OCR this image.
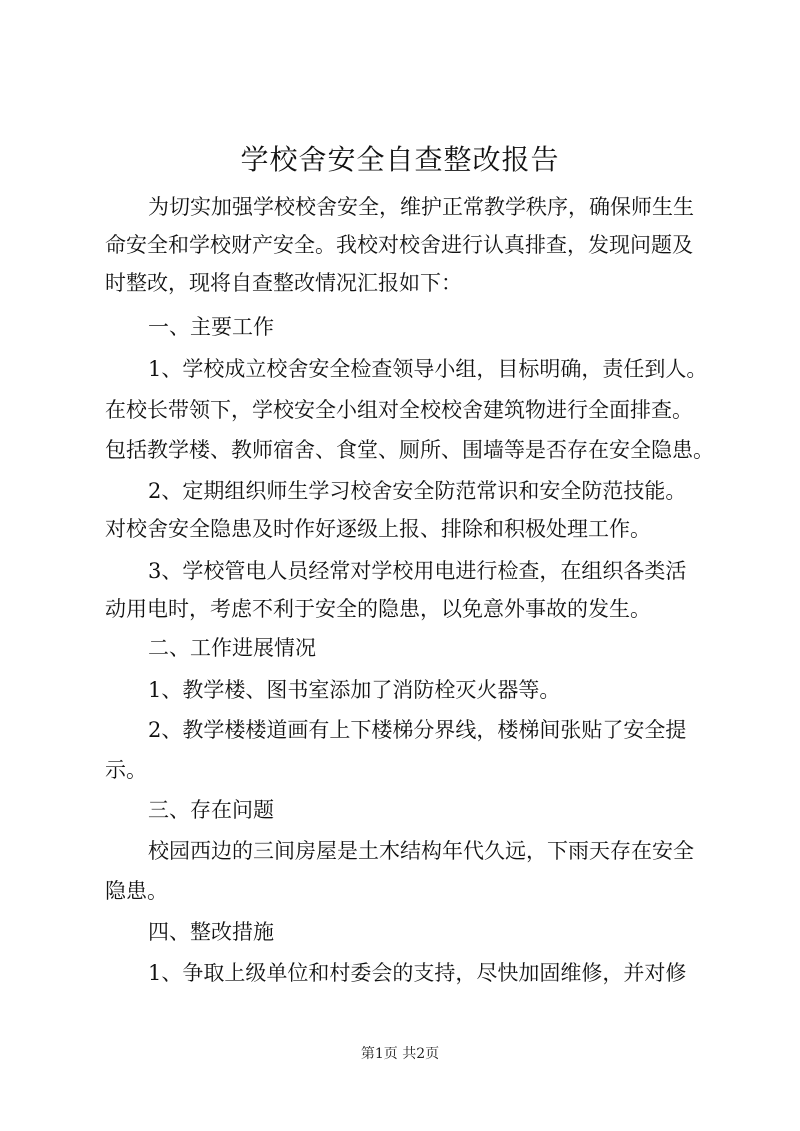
学校舍安全自查整改报告

为切实加强学校校舍安全，维护正常教学秩序，确保师生生

命安全和学校财产安全。我校对校舍进行认真排查，发现问题及

时整改，现将自查整改情况汇报如下：

一、主要工作

1、学校成立校舍安全检查领导小组，目标明确，责任到人。

在校长带领下，学校安全小组对全校校舍建筑物进行全面排查。

包括教学楼、教师宿舍、食堂、厕所、围墙等是否存在安全隐患。

2、定期组织师生学习校舍安全防范常识和安全防范技能。

对校舍安全隐患及时作好逐级上报、排除和积极处理工作。

3、学校管电人员经常对学校用电进行检查，在组织各类活

动用电时，考虑不利于安全的隐患，以免意外事故的发生。

二、工作进展情况

1、教学楼、图书室添加了消防栓灭火器等。

2、教学楼楼道画有上下楼梯分界线，楼梯间张贴了安全提

示。

三、存在问题

校园西边的三间房屋是土木结构年代久远，下雨天存在安全

隐患。

四、整改措施

1、争取上级单位和村委会的支持，尽快加固维修，并对修

第1页 共2页
